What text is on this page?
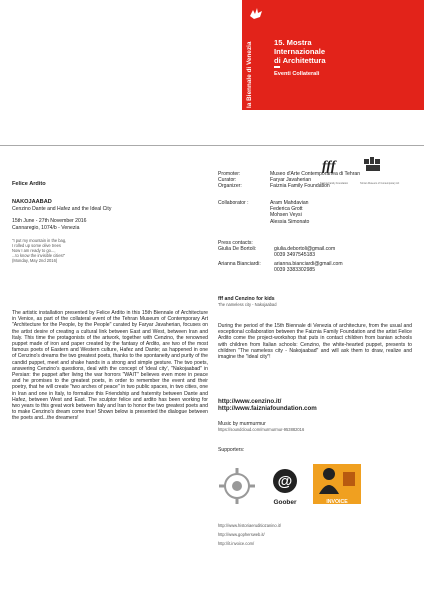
la Biennale di Venezia	15. Mostra
Internazionale
di Architettura
Eventi Collaterali
fff
Faiznia Family Foundation	Tehran Museum of Contemporary Art
Felice Ardito
NAKOJAABAD
Cenzino Dante and Hafez and the Ideal City
15th June - 27th November 2016
Cannaregio, 1074/b - Venezia
"I put my mountain in the bag,
I rolled up some olive trees
Now I am ready to go...,
...to know the invisible cities!"
(Monday, May 2nd 2016)
The artistic installation presented by Felice Ardito in this 15th Biennale of Architecture in Venice, as part of the collateral event of the Tehran Museum of Contemporary Art "Architecture for the People, by the People" curated by Faryar Javaherian, focuses on the artist desire of creating a cultural link between East and West, between Iran and Italy. This time the protagonists of the artwork, together with Cenzino, the renowned puppet made of iron and paper created by the fantasy of Ardito, are two of the most famous poets of Eastern and Western culture, Hafez and Dante; as happened in one of Cenzino's dreams the two greatest poets, thanks to the spontaneity and purity of the candid puppet, meet and shake hands in a strong and simple gesture. The two poets, answering Cenzino's questions, deal with the concept of 'ideal city', "Nakojaabad" in Persian: the puppet after living the war horrors "WAIT" believes even more in peace and he promises to the greatest poets, in order to remember the event and their poetry, that he will create "two arches of peace" in two public spaces, in two cities, one in Iran and one in Italy, to formalize this Friendship and fraternity between Dante and Hafez, between West and East. The sculptor felice and ardito has been working for two years to this great work between Italy and Iran to honor the two greatest poets and to make Cenzino's dream come true! Shown below is presented the dialogue between the poets and...the dreamers!
Promoter:	Museo d'Arte Contemporanea di Tehran
Curator:	Faryar Javaherian
Organizer:	Faiznia Family Foundation
Collaborator :	Aram Mahdavian
Federica Grott
Mohsen Veysi
Alessia Simonato
Press contacts:
Giulia De Bortoli:	giulia.debortoli@gmail.com
0039 3497545183
Arianna Bianciardi:	arianna.bianciardi@gmail.com
0039 3383302985
fff and Cenzino for kids
The nameless city - Nakojaabad
During the period of the 15th Biennale di Venezia of architecture, from the usual and exceptional collaboration between the Faiznia Family Foundation and the artist Felice Ardito come the project-workshop that puts in contact children from banian schools with children from Italian schools: Cenzino, the white-hearted puppet, presents to children "The nameless city - Nakojaabad" and will ask them to draw, realize and imagine the "ideal city"!
http://www.cenzino.it/
http://www.faizniafoundation.com
Music by murmurmur
https://soundcloud.com/murmurmur-953882016
Supporters:
@
Goober	INVOICE
http://www.historiaeruditiozanino.it/
http://www.gophersweb.it/
http://it.invoice.com/
